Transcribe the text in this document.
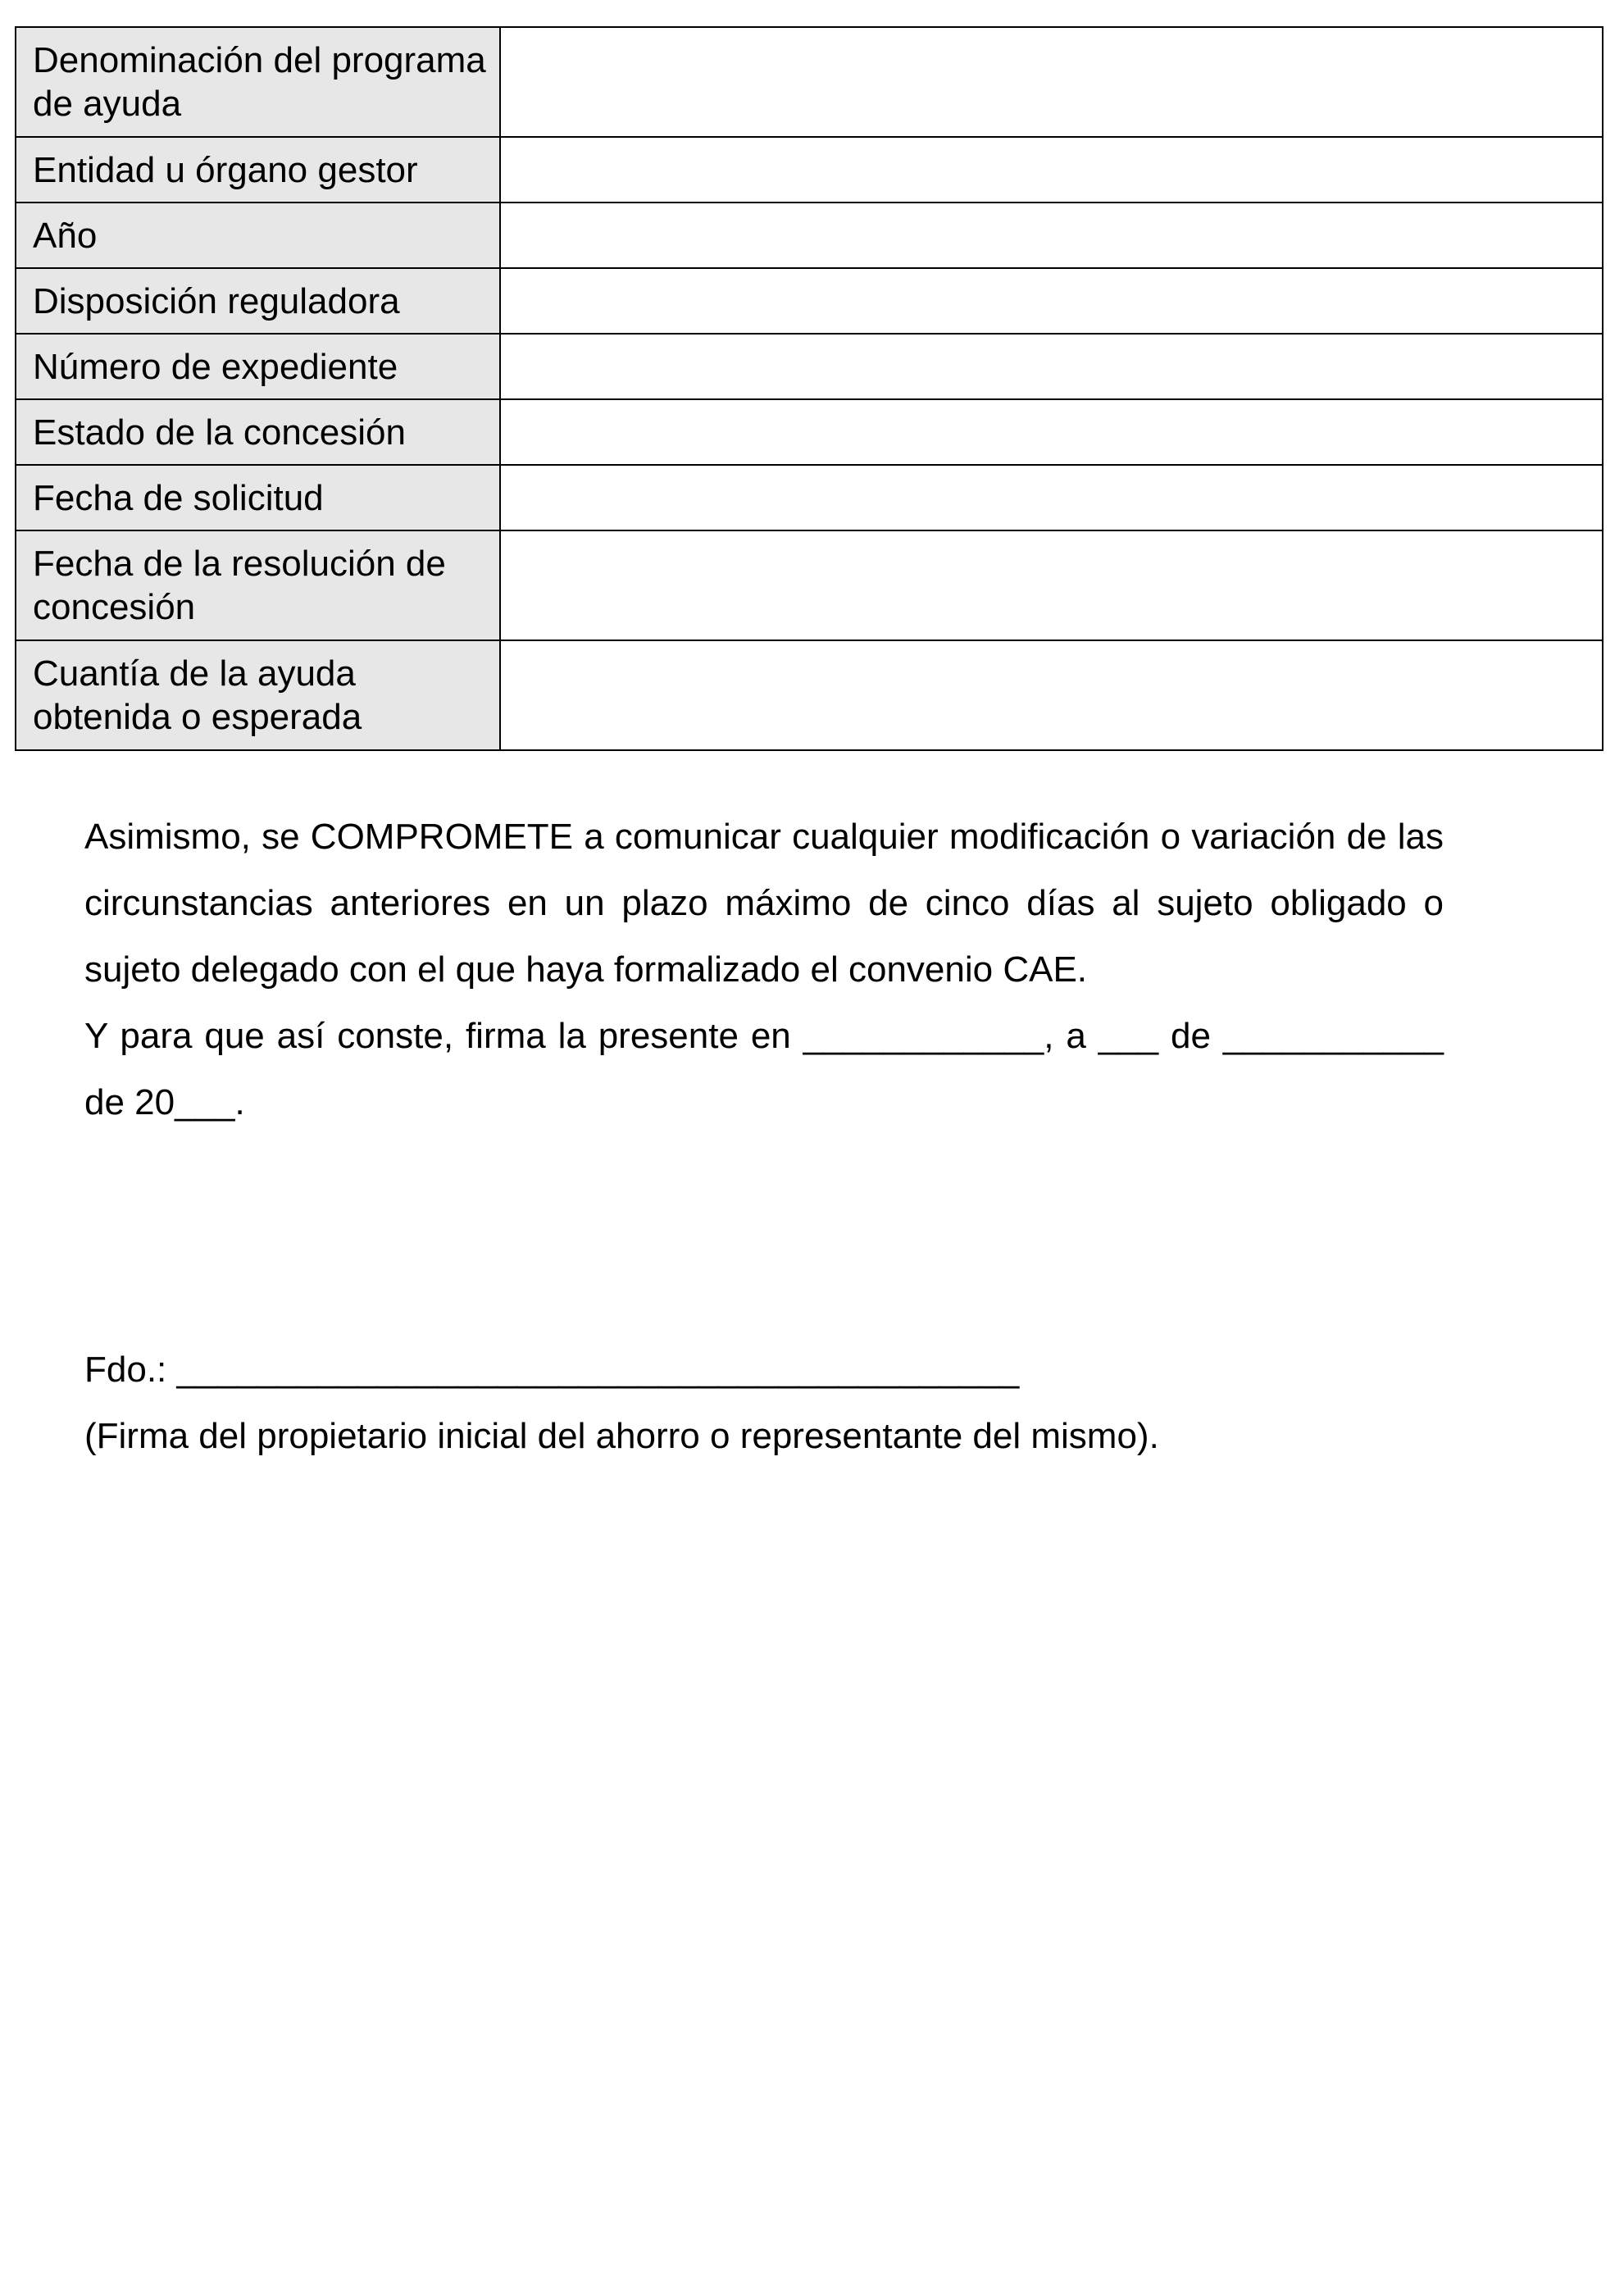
Denominación del programa de ayuda	
Entidad u órgano gestor	
Año	
Disposición reguladora	
Número de expediente	
Estado de la concesión	
Fecha de solicitud	
Fecha de la resolución de concesión	
Cuantía de la ayuda obtenida o esperada	

Asimismo, se COMPROMETE a comunicar cualquier modificación o variación de las circunstancias anteriores en un plazo máximo de cinco días al sujeto obligado o sujeto delegado con el que haya formalizado el convenio CAE.

Y para que así conste, firma la presente en ____________, a ___ de ___________ de 20___.

Fdo.: __________________________________________

(Firma del propietario inicial del ahorro o representante del mismo).
